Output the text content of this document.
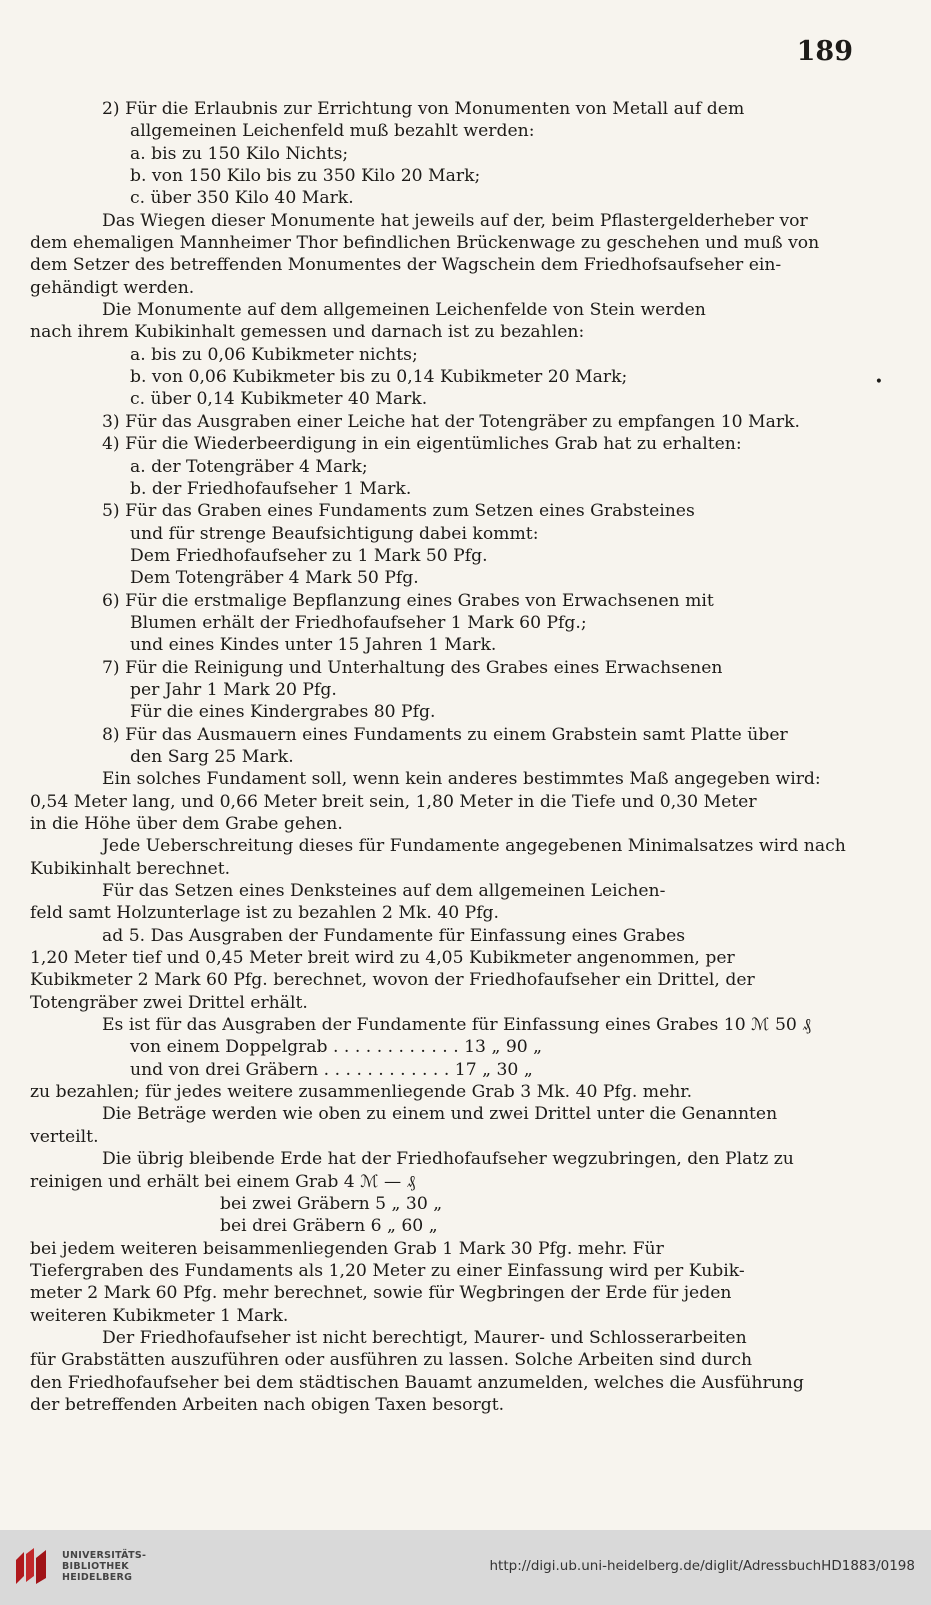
189
2) Für die Erlaubnis zur Errichtung von Monumenten von Metall auf dem
allgemeinen Leichenfeld muß bezahlt werden:
a. bis zu 150 Kilo Nichts;
b. von 150 Kilo bis zu 350 Kilo 20 Mark;
c. über 350 Kilo 40 Mark.
Das Wiegen dieser Monumente hat jeweils auf der, beim Pflastergelderheber vor
dem ehemaligen Mannheimer Thor befindlichen Brückenwage zu geschehen und muß von
dem Setzer des betreffenden Monumentes der Wagschein dem Friedhofsaufseher ein-
gehändigt werden.
Die Monumente auf dem allgemeinen Leichenfelde von Stein werden
nach ihrem Kubikinhalt gemessen und darnach ist zu bezahlen:
a. bis zu 0,06 Kubikmeter nichts;
b. von 0,06 Kubikmeter bis zu 0,14 Kubikmeter 20 Mark;
c. über 0,14 Kubikmeter 40 Mark.
3) Für das Ausgraben einer Leiche hat der Totengräber zu empfangen 10 Mark.
4) Für die Wiederbeerdigung in ein eigentümliches Grab hat zu erhalten:
a. der Totengräber 4 Mark;
b. der Friedhofaufseher 1 Mark.
5) Für das Graben eines Fundaments zum Setzen eines Grabsteines
und für strenge Beaufsichtigung dabei kommt:
Dem Friedhofaufseher zu 1 Mark 50 Pfg.
Dem Totengräber 4 Mark 50 Pfg.
6) Für die erstmalige Bepflanzung eines Grabes von Erwachsenen mit
Blumen erhält der Friedhofaufseher 1 Mark 60 Pfg.;
und eines Kindes unter 15 Jahren 1 Mark.
7) Für die Reinigung und Unterhaltung des Grabes eines Erwachsenen
per Jahr 1 Mark 20 Pfg.
Für die eines Kindergrabes 80 Pfg.
8) Für das Ausmauern eines Fundaments zu einem Grabstein samt Platte über
den Sarg 25 Mark.
Ein solches Fundament soll, wenn kein anderes bestimmtes Maß angegeben wird:
0,54 Meter lang, und 0,66 Meter breit sein, 1,80 Meter in die Tiefe und 0,30 Meter
in die Höhe über dem Grabe gehen.
Jede Ueberschreitung dieses für Fundamente angegebenen Minimalsatzes wird nach
Kubikinhalt berechnet.
Für das Setzen eines Denksteines auf dem allgemeinen Leichen-
feld samt Holzunterlage ist zu bezahlen 2 Mk. 40 Pfg.
ad 5. Das Ausgraben der Fundamente für Einfassung eines Grabes
1,20 Meter tief und 0,45 Meter breit wird zu 4,05 Kubikmeter angenommen, per
Kubikmeter 2 Mark 60 Pfg. berechnet, wovon der Friedhofaufseher ein Drittel, der
Totengräber zwei Drittel erhält.
Es ist für das Ausgraben der Fundamente für Einfassung eines Grabes 10 ℳ 50 ₰
von einem Doppelgrab . . . . . . . . . . . . 13 „ 90 „
und von drei Gräbern . . . . . . . . . . . . 17 „ 30 „
zu bezahlen; für jedes weitere zusammenliegende Grab 3 Mk. 40 Pfg. mehr.
Die Beträge werden wie oben zu einem und zwei Drittel unter die Genannten
verteilt.
Die übrig bleibende Erde hat der Friedhofaufseher wegzubringen, den Platz zu
reinigen und erhält bei einem Grab 4 ℳ — ₰
bei zwei Gräbern 5 „ 30 „
bei drei Gräbern 6 „ 60 „
bei jedem weiteren beisammenliegenden Grab 1 Mark 30 Pfg. mehr. Für
Tiefergraben des Fundaments als 1,20 Meter zu einer Einfassung wird per Kubik-
meter 2 Mark 60 Pfg. mehr berechnet, sowie für Wegbringen der Erde für jeden
weiteren Kubikmeter 1 Mark.
Der Friedhofaufseher ist nicht berechtigt, Maurer- und Schlosserarbeiten
für Grabstätten auszuführen oder ausführen zu lassen. Solche Arbeiten sind durch
den Friedhofaufseher bei dem städtischen Bauamt anzumelden, welches die Ausführung
der betreffenden Arbeiten nach obigen Taxen besorgt.
•
UNIVERSITÄTS-
BIBLIOTHEK
HEIDELBERG
http://digi.ub.uni-heidelberg.de/diglit/AdressbuchHD1883/0198
